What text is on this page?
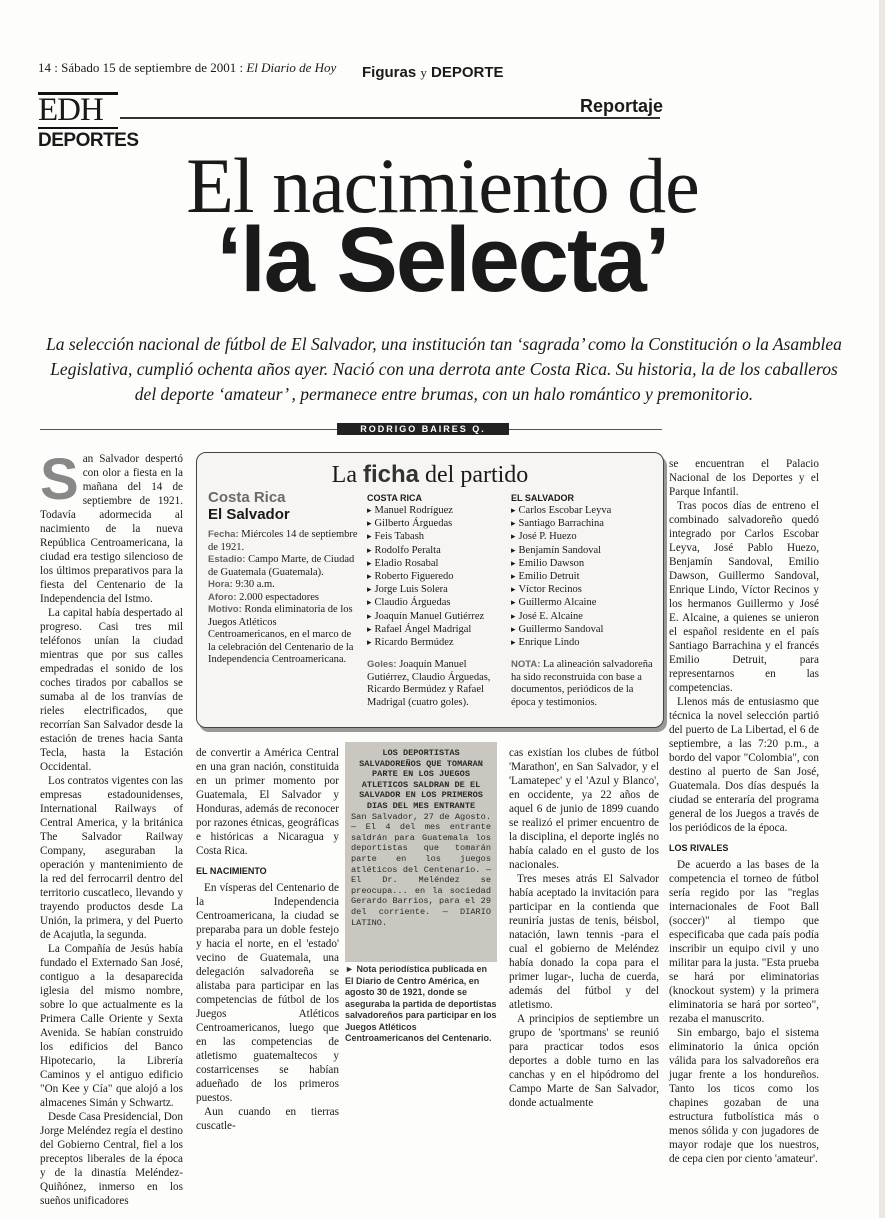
14 : Sábado 15 de septiembre de 2001 : El Diario de Hoy Figuras y DEPORTE
EDH
DEPORTES
Reportaje
El nacimiento de
‘la Selecta’
La selección nacional de fútbol de El Salvador, una institución tan ‘sagrada’ como la Constitución o la Asamblea Legislativa, cumplió ochenta años ayer. Nació con una derrota ante Costa Rica. Su historia, la de los caballeros del deporte ‘amateur’ , permanece entre brumas, con un halo romántico y premonitorio.
RODRIGO BAIRES Q.
S an Salvador despertó con olor a fiesta en la mañana del 14 de septiembre de 1921. Todavía adormecida al nacimiento de la nueva República Centroamericana, la ciudad era testigo silencioso de los últimos preparativos para la fiesta del Centenario de la Independencia del Istmo.

La capital había despertado al progreso. Casi tres mil teléfonos unían la ciudad mientras que por sus calles empedradas el sonido de los coches tirados por caballos se sumaba al de los tranvías de rieles electrificados, que recorrían San Salvador desde la estación de trenes hacia Santa Tecla, hasta la Estación Occidental.

Los contratos vigentes con las empresas estadounidenses, International Railways of Central America, y la británica The Salvador Railway Company, aseguraban la operación y mantenimiento de la red del ferrocarril dentro del territorio cuscatleco, llevando y trayendo productos desde La Unión, la primera, y del Puerto de Acajutla, la segunda.

La Compañía de Jesús había fundado el Externado San José, contiguo a la desaparecida iglesia del mismo nombre, sobre lo que actualmente es la Primera Calle Oriente y Sexta Avenida. Se habían construido los edificios del Banco Hipotecario, la Librería Caminos y el antiguo edificio "On Kee y Cía" que alojó a los almacenes Simán y Schwartz.

Desde Casa Presidencial, Don Jorge Meléndez regía el destino del Gobierno Central, fiel a los preceptos liberales de la época y de la dinastía Meléndez-Quiñónez, inmerso en los sueños unificadores

La ficha del partido
Costa Rica
El Salvador
Fecha: Miércoles 14 de septiembre de 1921.
Estadio: Campo Marte, de Ciudad de Guatemala (Guatemala).
Hora: 9:30 a.m.
Aforo: 2.000 espectadores
Motivo: Ronda eliminatoria de los Juegos Atléticos Centroamericanos, en el marco de la celebración del Centenario de la Independencia Centroamericana.
COSTA RICA
▸ Manuel Rodríguez
▸ Gilberto Árguedas
▸ Feis Tabash
▸ Rodolfo Peralta
▸ Eladio Rosabal
▸ Roberto Figueredo
▸ Jorge Luis Solera
▸ Claudio Árguedas
▸ Joaquín Manuel Gutiérrez
▸ Rafael Ángel Madrigal
▸ Ricardo Bermúdez
EL SALVADOR
▸ Carlos Escobar Leyva
▸ Santiago Barrachina
▸ José P. Huezo
▸ Benjamín Sandoval
▸ Emilio Dawson
▸ Emilio Detruit
▸ Víctor Recinos
▸ Guillermo Alcaine
▸ José E. Alcaine
▸ Guillermo Sandoval
▸ Enrique Lindo
Goles: Joaquín Manuel Gutiérrez, Claudio Árguedas, Ricardo Bermúdez y Rafael Madrigal (cuatro goles).
NOTA: La alineación salvadoreña ha sido reconstruida con base a documentos, periódicos de la época y testimonios.

de convertir a América Central en una gran nación, constituida en un primer momento por Guatemala, El Salvador y Honduras, además de reconocer por razones étnicas, geográficas e históricas a Nicaragua y Costa Rica.

EL NACIMIENTO

En vísperas del Centenario de la Independencia Centroamericana, la ciudad se preparaba para un doble festejo y hacia el norte, en el 'estado' vecino de Guatemala, una delegación salvadoreña se alistaba para participar en las competencias de fútbol de los Juegos Atléticos Centroamericanos, luego que en las competencias de atletismo guatemaltecos y costarricenses se habían adueñado de los primeros puestos.

Aun cuando en tierras cuscatle-

LOS DEPORTISTAS SALVADOREÑOS QUE TOMARAN PARTE EN LOS JUEGOS ATLETICOS SALDRAN DE EL SALVADOR EN LOS PRIMEROS DIAS DEL MES ENTRANTE
San Salvador, 27 de Agosto.— El 4 del mes entrante saldrán para Guatemala los deportistas que tomarán parte en los juegos atléticos del Centenario. —El Dr. Meléndez se preocupa... en la sociedad Gerardo Barrios, para el 29 del corriente. — DIARIO LATINO.
► Nota periodística publicada en El Diario de Centro América, en agosto 30 de 1921, donde se aseguraba la partida de deportistas salvadoreños para participar en los Juegos Atléticos Centroamericanos del Centenario.

cas existían los clubes de fútbol 'Marathon', en San Salvador, y el 'Lamatepec' y el 'Azul y Blanco', en occidente, ya 22 años de aquel 6 de junio de 1899 cuando se realizó el primer encuentro de la disciplina, el deporte inglés no había calado en el gusto de los nacionales.

Tres meses atrás El Salvador había aceptado la invitación para participar en la contienda que reuniría justas de tenis, béisbol, natación, lawn tennis -para el cual el gobierno de Meléndez había donado la copa para el primer lugar-, lucha de cuerda, además del fútbol y del atletismo.

A principios de septiembre un grupo de 'sportmans' se reunió para practicar todos esos deportes a doble turno en las canchas y en el hipódromo del Campo Marte de San Salvador, donde actualmente

se encuentran el Palacio Nacional de los Deportes y el Parque Infantil.

Tras pocos días de entreno el combinado salvadoreño quedó integrado por Carlos Escobar Leyva, José Pablo Huezo, Benjamín Sandoval, Emilio Dawson, Guillermo Sandoval, Enrique Lindo, Víctor Recinos y los hermanos Guillermo y José E. Alcaine, a quienes se unieron el español residente en el país Santiago Barrachina y el francés Emilio Detruit, para representarnos en las competencias.

Llenos más de entusiasmo que técnica la novel selección partió del puerto de La Libertad, el 6 de septiembre, a las 7:20 p.m., a bordo del vapor "Colombia", con destino al puerto de San José, Guatemala. Dos días después la ciudad se enteraría del programa general de los Juegos a través de los periódicos de la época.

LOS RIVALES

De acuerdo a las bases de la competencia el torneo de fútbol sería regido por las "reglas internacionales de Foot Ball (soccer)" al tiempo que especificaba que cada país podía inscribir un equipo civil y uno militar para la justa. "Esta prueba se hará por eliminatorias (knockout system) y la primera eliminatoria se hará por sorteo", rezaba el manuscrito.

Sin embargo, bajo el sistema eliminatorio la única opción válida para los salvadoreños era jugar frente a los hondureños. Tanto los ticos como los chapines gozaban de una estructura futbolística más o menos sólida y con jugadores de mayor rodaje que los nuestros, de cepa cien por ciento 'amateur'.
